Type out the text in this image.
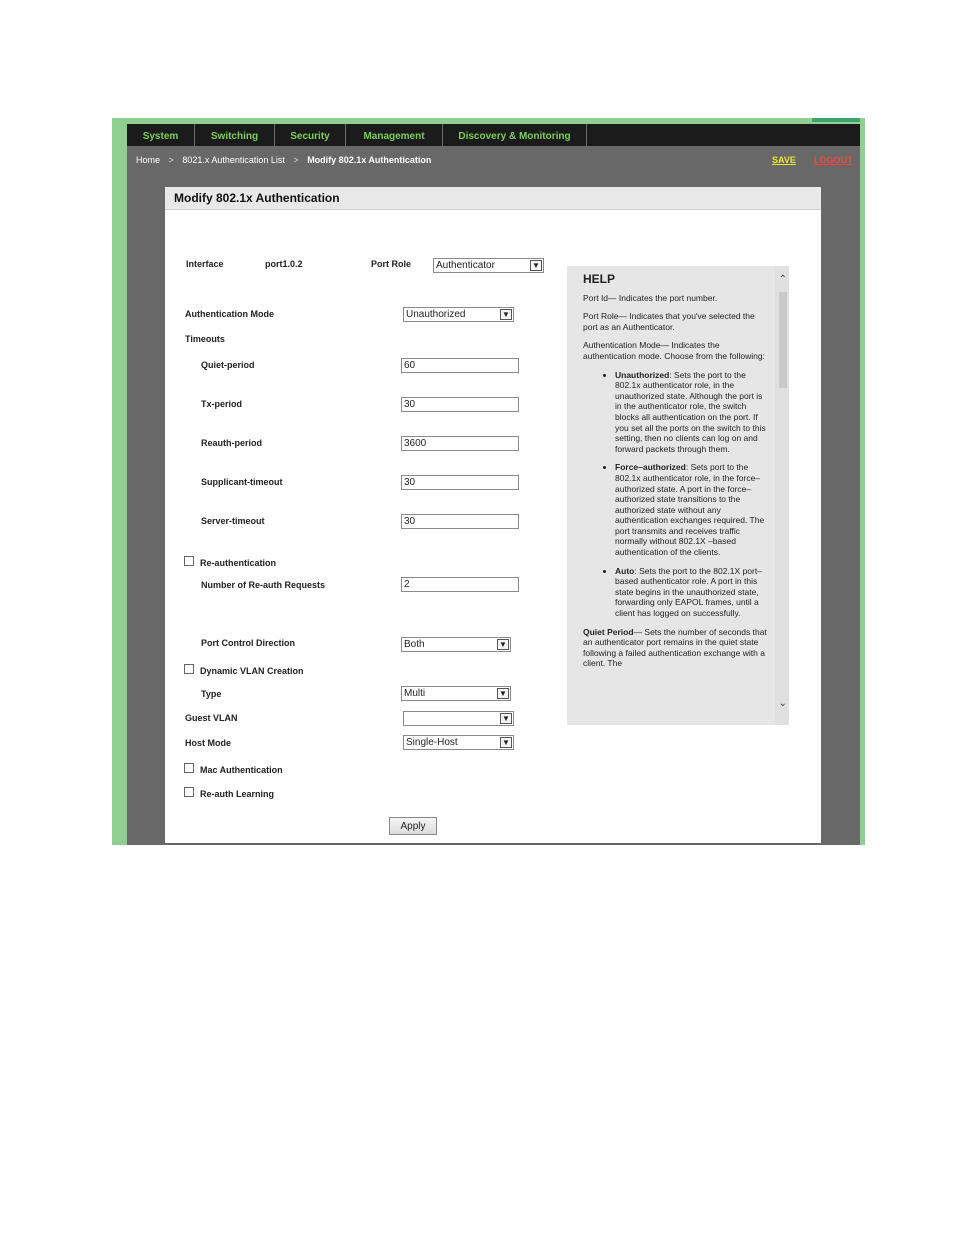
System	Switching	Security	Management	Discovery & Monitoring
Home > 8021.x Authentication List > Modify 802.1x Authentication	SAVE LOGOUT
Modify 802.1x Authentication
Interface	port1.0.2	Port Role	Authenticator	▼
Authentication Mode	Unauthorized	▼
Timeouts
Quiet-period	60
Tx-period	30
Reauth-period	3600
Supplicant-timeout	30
Server-timeout	30
Re-authentication
Number of Re-auth Requests	2
Port Control Direction	Both	▼
Dynamic VLAN Creation
Type	Multi	▼
Guest VLAN	▼
Host Mode	Single-Host	▼
Mac Authentication
Re-auth Learning
Apply
HELP

Port Id— Indicates the port number.

Port Role— Indicates that you've selected the port as an Authenticator.

Authentication Mode— Indicates the authentication mode. Choose from the following:

• Unauthorized: Sets the port to the 802.1x authenticator role, in the unauthorized state. Although the port is in the authenticator role, the switch blocks all authentication on the port. If you set all the ports on the switch to this setting, then no clients can log on and forward packets through them.
• Force–authorized: Sets port to the 802.1x authenticator role, in the force–authorized state. A port in the force–authorized state transitions to the authorized state without any authentication exchanges required. The port transmits and receives traffic normally without 802.1X –based authentication of the clients.
• Auto: Sets the port to the 802.1X port–based authenticator role. A port in this state begins in the unauthorized state, forwarding only EAPOL frames, until a client has logged on successfully.

Quiet Period— Sets the number of seconds that an authenticator port remains in the quiet state following a failed authentication exchange with a client. The

⌃
⌄
